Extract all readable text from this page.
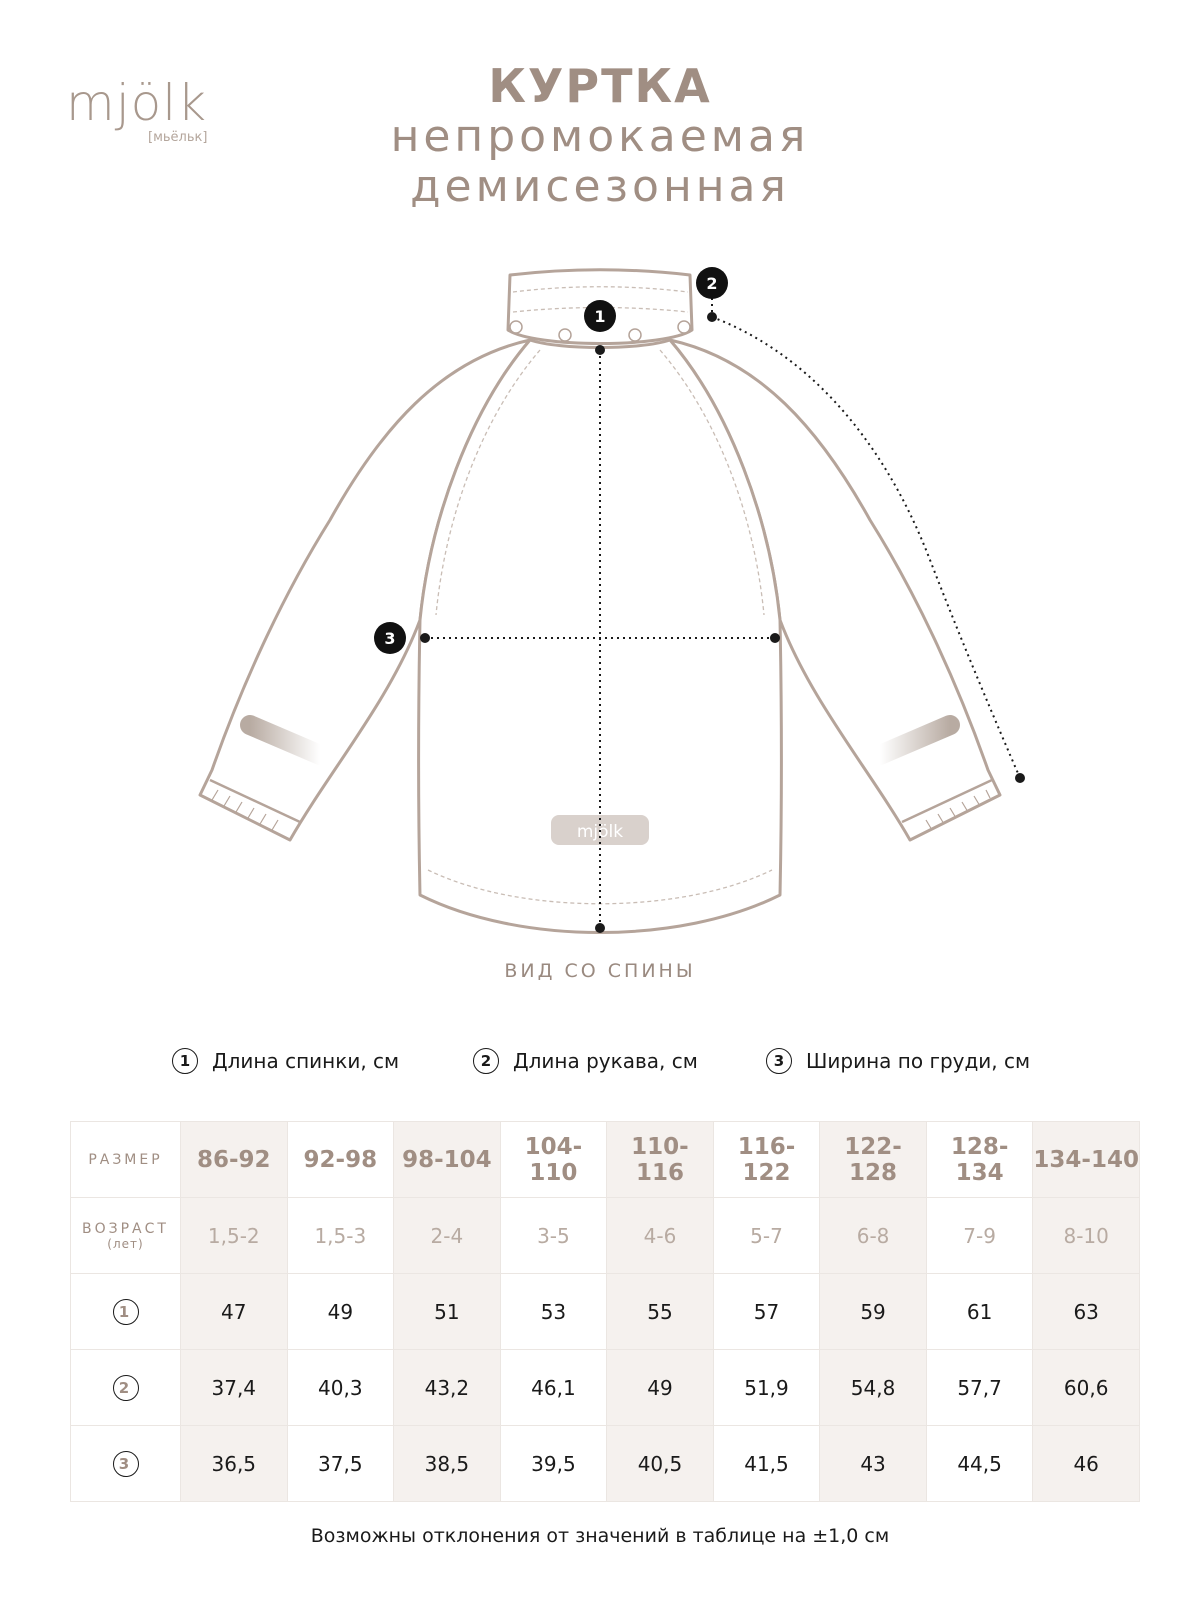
mjölk
[мьёльк]
КУРТКА
непромокаемая
демисезонная
mjölk
1
2
3
ВИД СО СПИНЫ
1	Длина спинки, см	2	Длина рукава, см	3	Ширина по груди, см
РАЗМЕР	86-92	92-98	98-104	104-110	110-116	116-122	122-128	128-134	134-140
ВОЗРАСТ
(лет)	1,5-2	1,5-3	2-4	3-5	4-6	5-7	6-8	7-9	8-10
1	47	49	51	53	55	57	59	61	63
2	37,4	40,3	43,2	46,1	49	51,9	54,8	57,7	60,6
3	36,5	37,5	38,5	39,5	40,5	41,5	43	44,5	46
Возможны отклонения от значений в таблице на ±1,0 см
